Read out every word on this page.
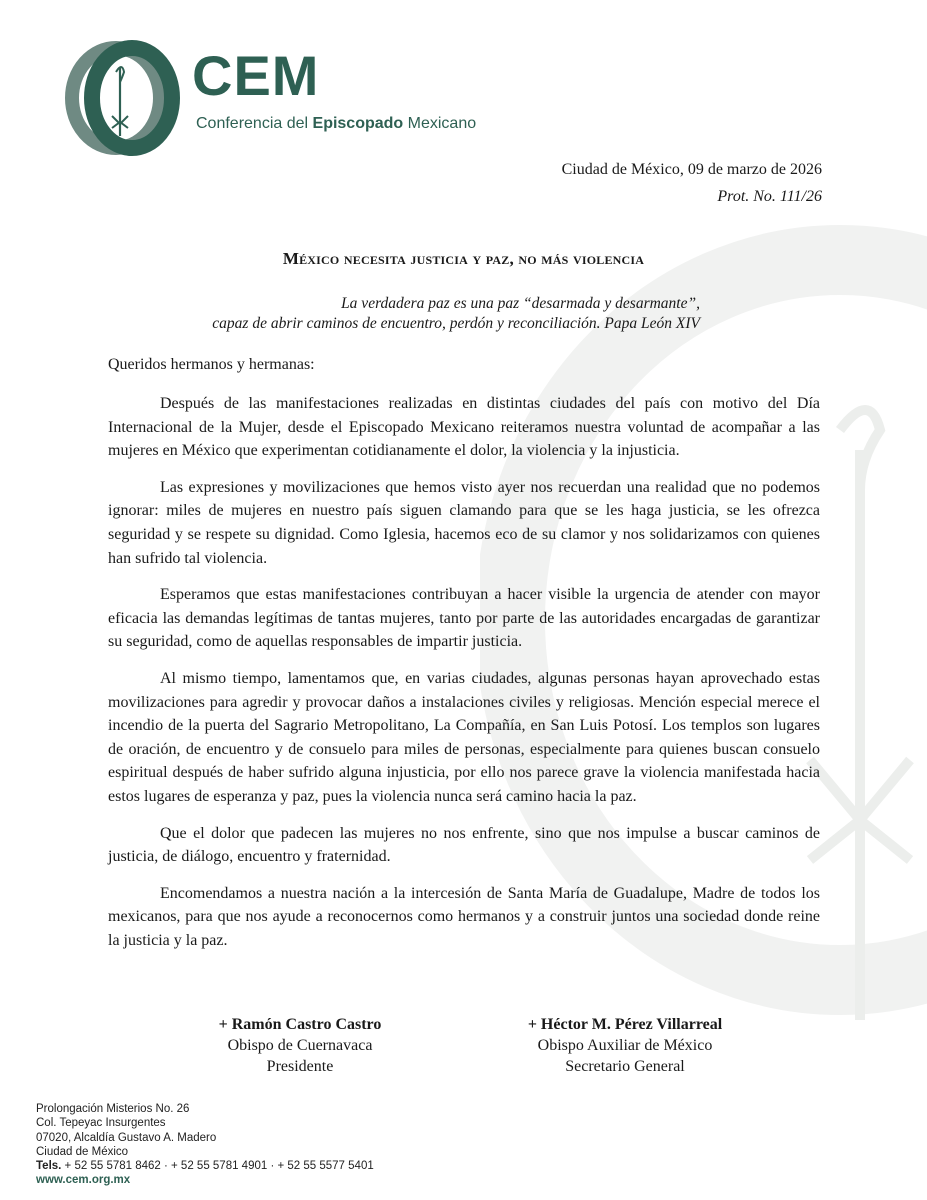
CEM
Conferencia del Episcopado Mexicano
Ciudad de México, 09 de marzo de 2026
Prot. No. 111/26
México necesita justicia y paz, no más violencia
La verdadera paz es una paz “desarmada y desarmante”,
capaz de abrir caminos de encuentro, perdón y reconciliación. Papa León XIV
Queridos hermanos y hermanas:

Después de las manifestaciones realizadas en distintas ciudades del país con motivo del Día Internacional de la Mujer, desde el Episcopado Mexicano reiteramos nuestra voluntad de acompañar a las mujeres en México que experimentan cotidianamente el dolor, la violencia y la injusticia.

Las expresiones y movilizaciones que hemos visto ayer nos recuerdan una realidad que no podemos ignorar: miles de mujeres en nuestro país siguen clamando para que se les haga justicia, se les ofrezca seguridad y se respete su dignidad. Como Iglesia, hacemos eco de su clamor y nos solidarizamos con quienes han sufrido tal violencia.

Esperamos que estas manifestaciones contribuyan a hacer visible la urgencia de atender con mayor eficacia las demandas legítimas de tantas mujeres, tanto por parte de las autoridades encargadas de garantizar su seguridad, como de aquellas responsables de impartir justicia.

Al mismo tiempo, lamentamos que, en varias ciudades, algunas personas hayan aprovechado estas movilizaciones para agredir y provocar daños a instalaciones civiles y religiosas. Mención especial merece el incendio de la puerta del Sagrario Metropolitano, La Compañía, en San Luis Potosí. Los templos son lugares de oración, de encuentro y de consuelo para miles de personas, especialmente para quienes buscan consuelo espiritual después de haber sufrido alguna injusticia, por ello nos parece grave la violencia manifestada hacia estos lugares de esperanza y paz, pues la violencia nunca será camino hacia la paz.

Que el dolor que padecen las mujeres no nos enfrente, sino que nos impulse a buscar caminos de justicia, de diálogo, encuentro y fraternidad.

Encomendamos a nuestra nación a la intercesión de Santa María de Guadalupe, Madre de todos los mexicanos, para que nos ayude a reconocernos como hermanos y a construir juntos una sociedad donde reine la justicia y la paz.

+ Ramón Castro Castro
Obispo de Cuernavaca
Presidente
+ Héctor M. Pérez Villarreal
Obispo Auxiliar de México
Secretario General
Prolongación Misterios No. 26
Col. Tepeyac Insurgentes
07020, Alcaldía Gustavo A. Madero
Ciudad de México
Tels. + 52 55 5781 8462 · + 52 55 5781 4901 · + 52 55 5577 5401
www.cem.org.mx
